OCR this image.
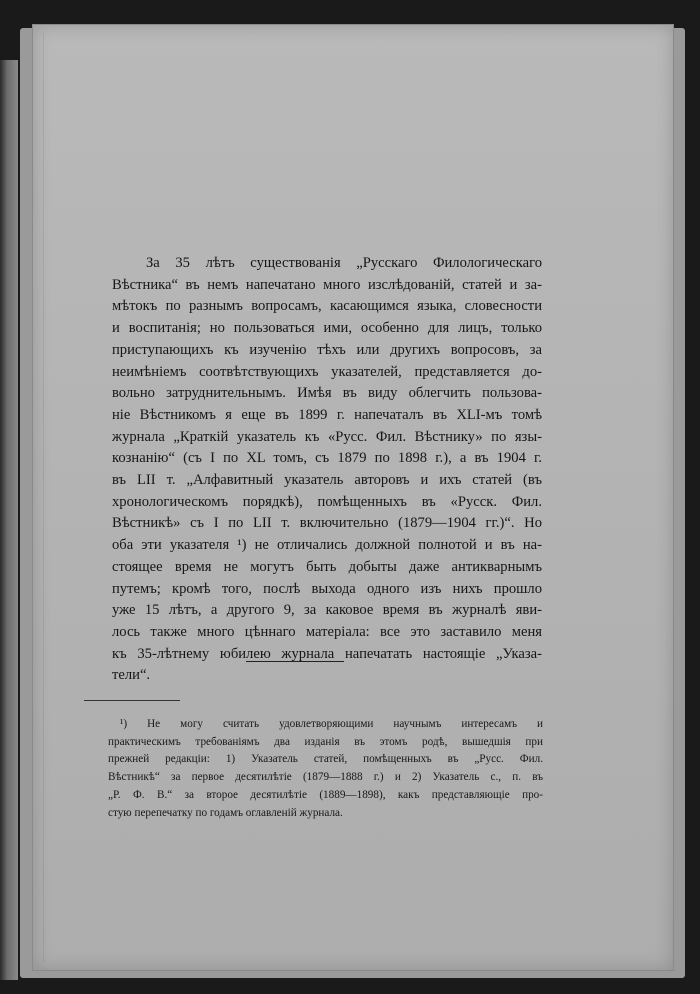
За 35 лѣтъ существованія „Русскаго Филологическаго
Вѣстника“ въ немъ напечатано много изслѣдованій, статей и за-
мѣтокъ по разнымъ вопросамъ, касающимся языка, словесности
и воспитанія; но пользоваться ими, особенно для лицъ, только
приступающихъ къ изученію тѣхъ или другихъ вопросовъ, за
неимѣніемъ соотвѣтствующихъ указателей, представляется до-
вольно затруднительнымъ. Имѣя въ виду облегчить пользова-
ніе Вѣстникомъ я еще въ 1899 г. напечаталъ въ XLI-мъ томѣ
журнала „Краткій указатель къ «Русс. Фил. Вѣстнику» по язы-
кознанію“ (съ I по XL томъ, съ 1879 по 1898 г.), а въ 1904 г.
въ LII т. „Алфавитный указатель авторовъ и ихъ статей (въ
хронологическомъ порядкѣ), помѣщенныхъ въ «Русск. Фил.
Вѣстникѣ» съ I по LII т. включительно (1879—1904 гг.)“. Но
оба эти указателя ¹) не отличались должной полнотой и въ на-
стоящее время не могутъ быть добыты даже антикварнымъ
путемъ; кромѣ того, послѣ выхода одного изъ нихъ прошло
уже 15 лѣтъ, а другого 9, за каковое время въ журналѣ яви-
лось также много цѣннаго матеріала: все это заставило меня
къ 35-лѣтнему юбилею журнала напечатать настоящіе „Указа-
тели“.
¹) Не могу считать удовлетворяющими научнымъ интересамъ и
практическимъ требованіямъ два изданія въ этомъ родѣ, вышедшія при
прежней редакціи: 1) Указатель статей, помѣщенныхъ въ „Русс. Фил.
Вѣстникѣ“ за первое десятилѣтіе (1879—1888 г.) и 2) Указатель с., п. въ
„Р. Ф. В.“ за второе десятилѣтіе (1889—1898), какъ представляющіе про-
стую перепечатку по годамъ оглавленій журнала.
